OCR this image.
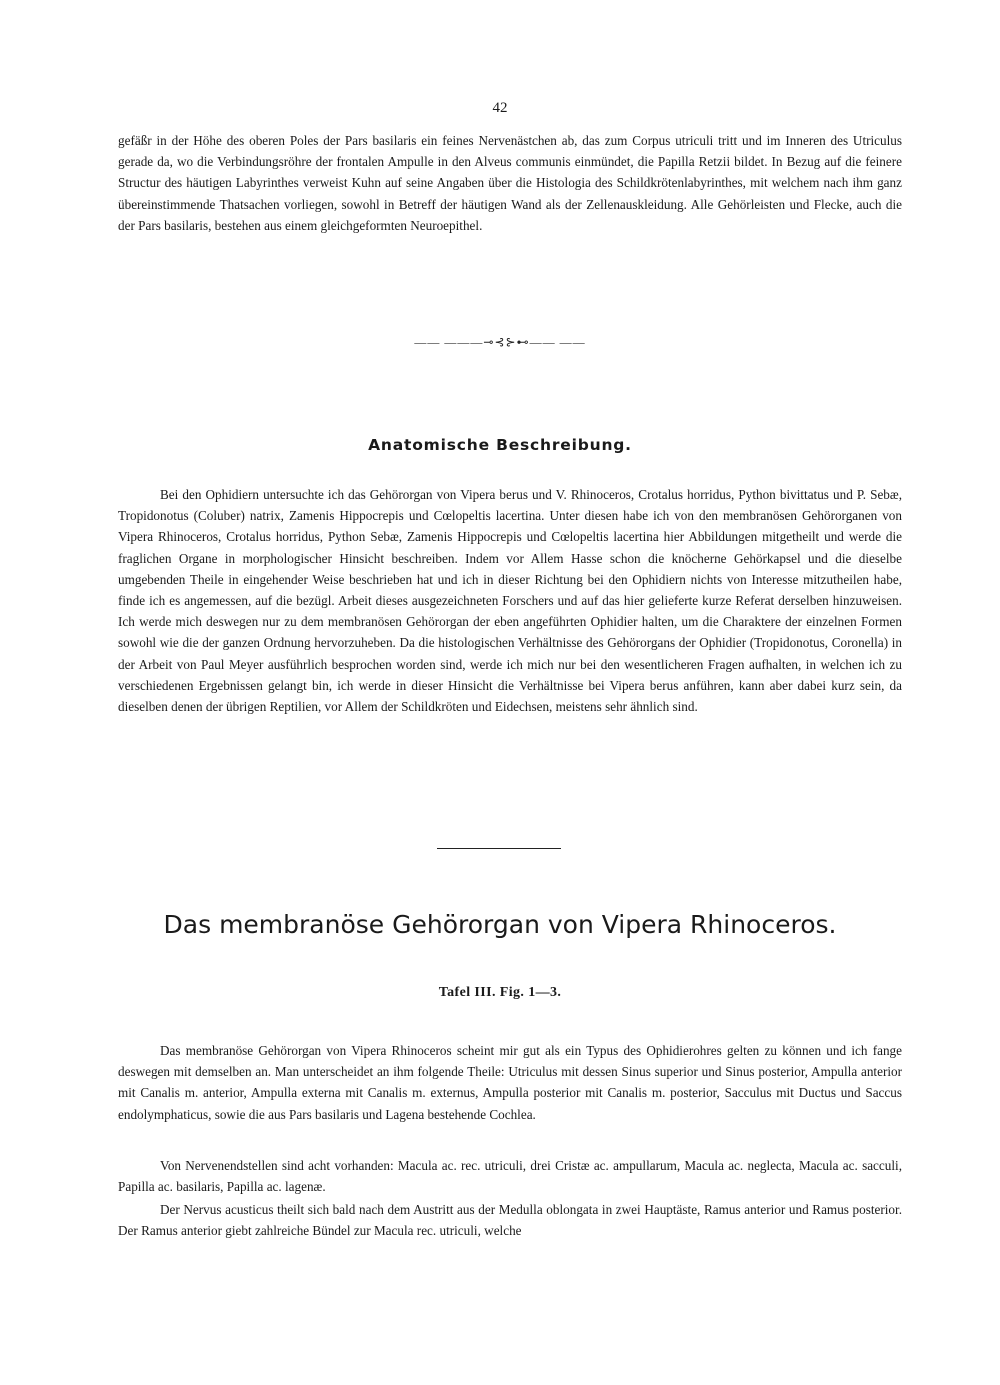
42

gefäßr in der Höhe des oberen Poles der Pars basilaris ein feines Nervenästchen ab, das zum Corpus utriculi tritt und im Inneren des Utriculus gerade da, wo die Verbindungsröhre der frontalen Ampulle in den Alveus communis einmündet, die Papilla Retzii bildet. In Bezug auf die feinere Structur des häutigen Labyrinthes verweist Kuhn auf seine Angaben über die Histologia des Schildkrötenlabyrinthes, mit welchem nach ihm ganz übereinstimmende Thatsachen vorliegen, sowohl in Betreff der häutigen Wand als der Zellenauskleidung. Alle Gehörleisten und Flecke, auch die der Pars basilaris, bestehen aus einem gleichgeformten Neuroepithel.

—— ———⊸⊰⊱⊷—— ——
Anatomische Beschreibung.

Bei den Ophidiern untersuchte ich das Gehörorgan von Vipera berus und V. Rhinoceros, Crotalus horridus, Python bivittatus und P. Sebæ, Tropidonotus (Coluber) natrix, Zamenis Hippocrepis und Cœlopeltis lacertina. Unter diesen habe ich von den membranösen Gehörorganen von Vipera Rhinoceros, Crotalus horridus, Python Sebæ, Zamenis Hippocrepis und Cœlopeltis lacertina hier Abbildungen mitgetheilt und werde die fraglichen Organe in morphologischer Hinsicht beschreiben. Indem vor Allem Hasse schon die knöcherne Gehörkapsel und die dieselbe umgebenden Theile in eingehender Weise beschrieben hat und ich in dieser Richtung bei den Ophidiern nichts von Interesse mitzutheilen habe, finde ich es angemessen, auf die bezügl. Arbeit dieses ausgezeichneten Forschers und auf das hier gelieferte kurze Referat derselben hinzuweisen. Ich werde mich deswegen nur zu dem membranösen Gehörorgan der eben angeführten Ophidier halten, um die Charaktere der einzelnen Formen sowohl wie die der ganzen Ordnung hervorzuheben. Da die histologischen Verhältnisse des Gehörorgans der Ophidier (Tropidonotus, Coronella) in der Arbeit von Paul Meyer ausführlich besprochen worden sind, werde ich mich nur bei den wesentlicheren Fragen aufhalten, in welchen ich zu verschiedenen Ergebnissen gelangt bin, ich werde in dieser Hinsicht die Verhältnisse bei Vipera berus anführen, kann aber dabei kurz sein, da dieselben denen der übrigen Reptilien, vor Allem der Schildkröten und Eidechsen, meistens sehr ähnlich sind.

Das membranöse Gehörorgan von Vipera Rhinoceros.
Tafel III. Fig. 1—3.

Das membranöse Gehörorgan von Vipera Rhinoceros scheint mir gut als ein Typus des Ophidierohres gelten zu können und ich fange deswegen mit demselben an. Man unterscheidet an ihm folgende Theile: Utriculus mit dessen Sinus superior und Sinus posterior, Ampulla anterior mit Canalis m. anterior, Ampulla externa mit Canalis m. externus, Ampulla posterior mit Canalis m. posterior, Sacculus mit Ductus und Saccus endolymphaticus, sowie die aus Pars basilaris und Lagena bestehende Cochlea.

Von Nervenendstellen sind acht vorhanden: Macula ac. rec. utriculi, drei Cristæ ac. ampullarum, Macula ac. neglecta, Macula ac. sacculi, Papilla ac. basilaris, Papilla ac. lagenæ.

Der Nervus acusticus theilt sich bald nach dem Austritt aus der Medulla oblongata in zwei Hauptäste, Ramus anterior und Ramus posterior. Der Ramus anterior giebt zahlreiche Bündel zur Macula rec. utriculi, welche
